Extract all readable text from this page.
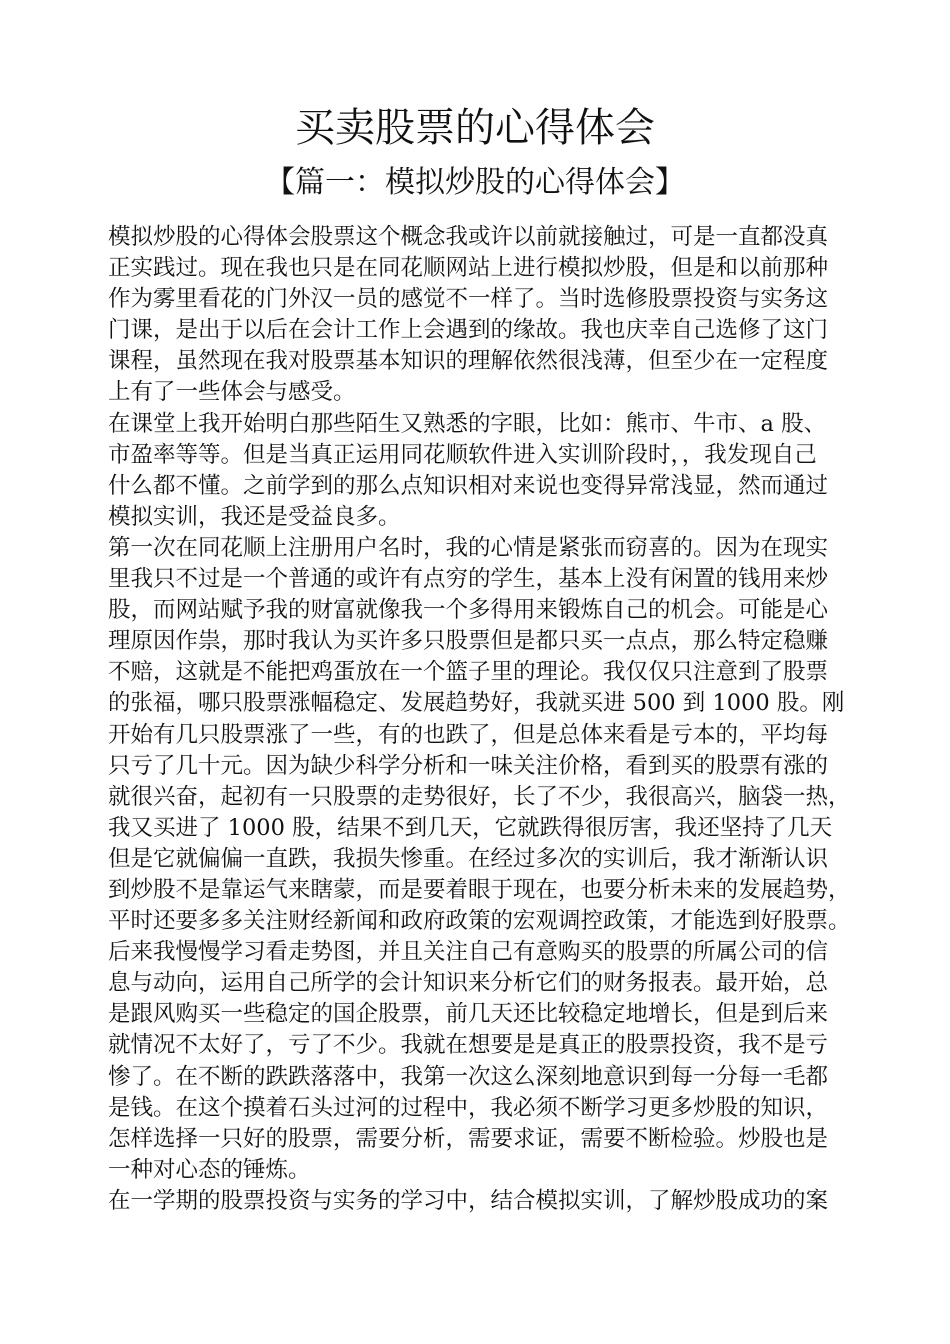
买卖股票的心得体会
【篇一：模拟炒股的心得体会】
模拟炒股的心得体会股票这个概念我或许以前就接触过，可是一直都没真
正实践过。现在我也只是在同花顺网站上进行模拟炒股，但是和以前那种
作为雾里看花的门外汉一员的感觉不一样了。当时选修股票投资与实务这
门课，是出于以后在会计工作上会遇到的缘故。我也庆幸自己选修了这门
课程，虽然现在我对股票基本知识的理解依然很浅薄，但至少在一定程度
上有了一些体会与感受。
在课堂上我开始明白那些陌生又熟悉的字眼，比如：熊市、牛市、a 股、
市盈率等等。但是当真正运用同花顺软件进入实训阶段时，，我发现自己
什么都不懂。之前学到的那么点知识相对来说也变得异常浅显，然而通过
模拟实训，我还是受益良多。
第一次在同花顺上注册用户名时，我的心情是紧张而窃喜的。因为在现实
里我只不过是一个普通的或许有点穷的学生，基本上没有闲置的钱用来炒
股，而网站赋予我的财富就像我一个多得用来锻炼自己的机会。可能是心
理原因作祟，那时我认为买许多只股票但是都只买一点点，那么特定稳赚
不赔，这就是不能把鸡蛋放在一个篮子里的理论。我仅仅只注意到了股票
的张福，哪只股票涨幅稳定、发展趋势好，我就买进 500 到 1000 股。刚
开始有几只股票涨了一些，有的也跌了，但是总体来看是亏本的，平均每
只亏了几十元。因为缺少科学分析和一味关注价格，看到买的股票有涨的
就很兴奋，起初有一只股票的走势很好，长了不少，我很高兴，脑袋一热，
我又买进了 1000 股，结果不到几天，它就跌得很厉害，我还坚持了几天
但是它就偏偏一直跌，我损失惨重。在经过多次的实训后，我才渐渐认识
到炒股不是靠运气来瞎蒙，而是要着眼于现在，也要分析未来的发展趋势，
平时还要多多关注财经新闻和政府政策的宏观调控政策，才能选到好股票。
后来我慢慢学习看走势图，并且关注自己有意购买的股票的所属公司的信
息与动向，运用自己所学的会计知识来分析它们的财务报表。最开始，总
是跟风购买一些稳定的国企股票，前几天还比较稳定地增长，但是到后来
就情况不太好了，亏了不少。我就在想要是是真正的股票投资，我不是亏
惨了。在不断的跌跌落落中，我第一次这么深刻地意识到每一分每一毛都
是钱。在这个摸着石头过河的过程中，我必须不断学习更多炒股的知识，
怎样选择一只好的股票，需要分析，需要求证，需要不断检验。炒股也是
一种对心态的锤炼。
在一学期的股票投资与实务的学习中，结合模拟实训，了解炒股成功的案
